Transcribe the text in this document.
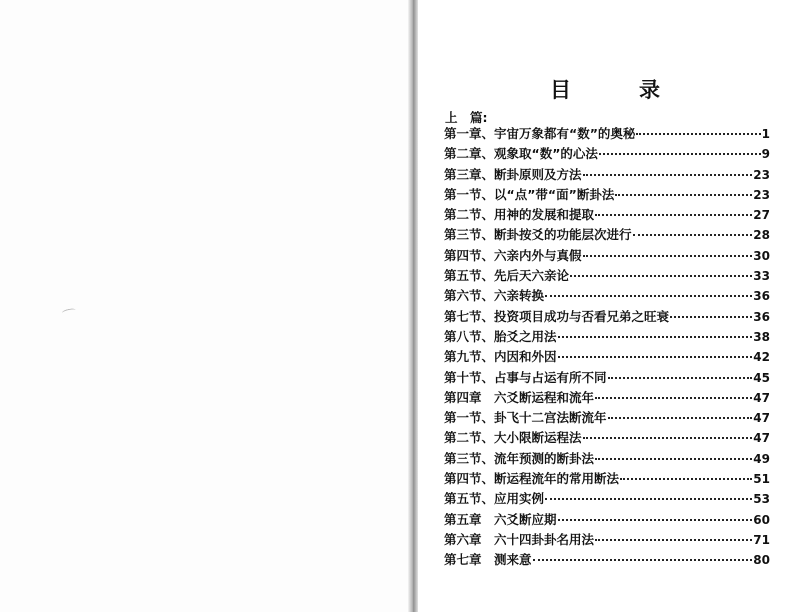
目	录
上　篇:
第一章、宇宙万象都有“数”的奥秘	1
第二章、观象取“数”的心法	9
第三章、断卦原则及方法	23
第一节、以“点”带“面”断卦法	23
第二节、用神的发展和提取	27
第三节、断卦按爻的功能层次进行	28
第四节、六亲内外与真假	30
第五节、先后天六亲论	33
第六节、六亲转换	36
第七节、投资项目成功与否看兄弟之旺衰	36
第八节、胎爻之用法	38
第九节、内因和外因	42
第十节、占事与占运有所不同	45
第四章　六爻断运程和流年	47
第一节、卦飞十二宫法断流年	47
第二节、大小限断运程法	47
第三节、流年预测的断卦法	49
第四节、断运程流年的常用断法	51
第五节、应用实例	53
第五章　六爻断应期	60
第六章　六十四卦卦名用法	71
第七章　测来意	80
